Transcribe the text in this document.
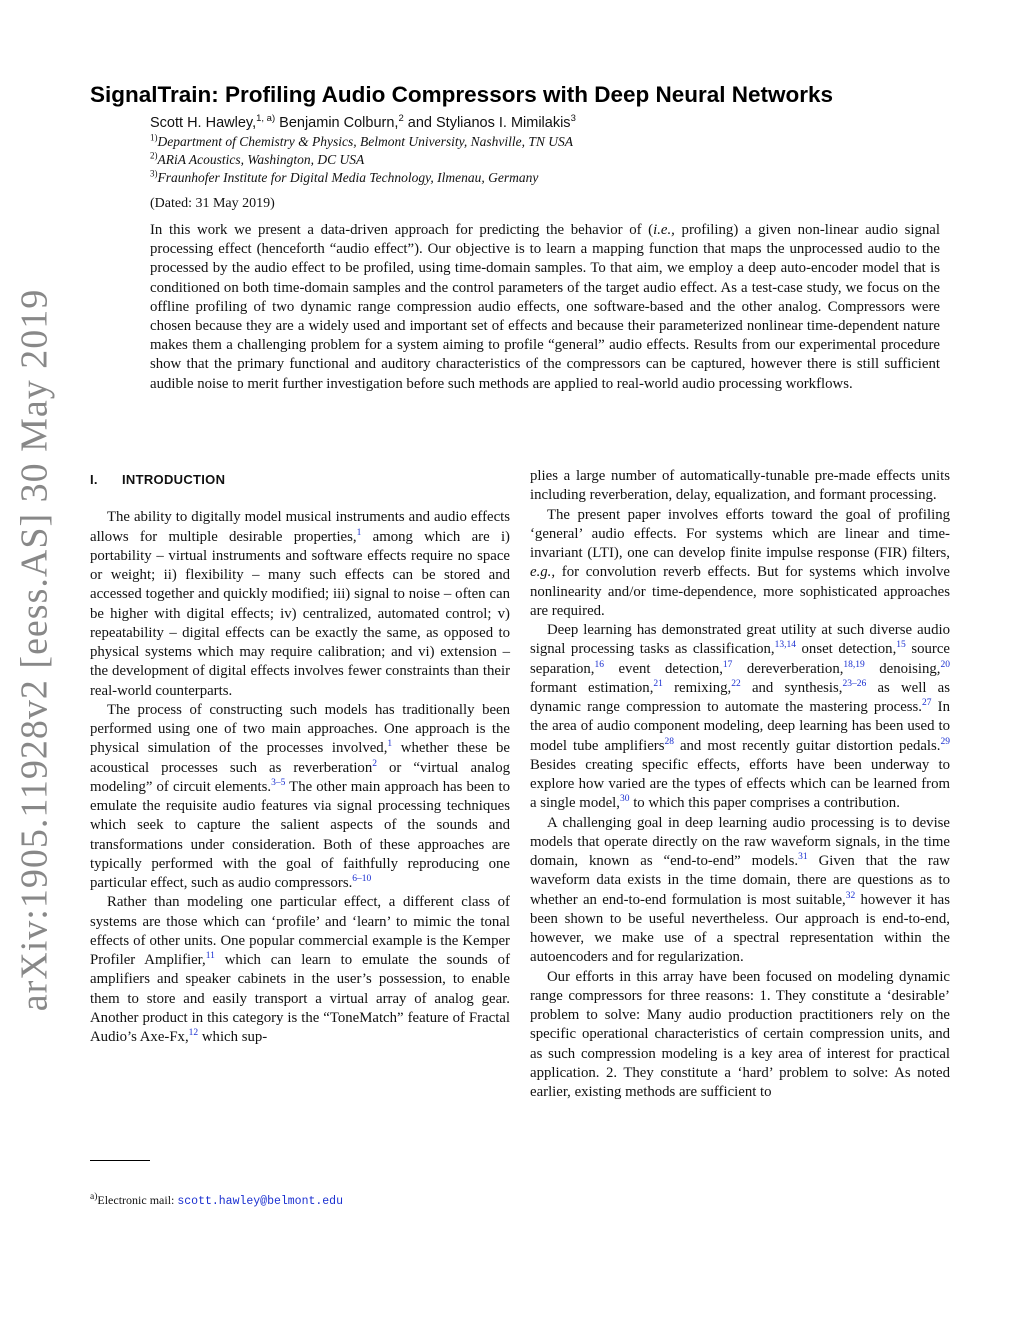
arXiv:1905.11928v2 [eess.AS] 30 May 2019
SignalTrain: Profiling Audio Compressors with Deep Neural Networks
Scott H. Hawley,$^{1, a)}$ Benjamin Colburn,$^2$ and Stylianos I. Mimilakis$^3$
$^{1)}$Department of Chemistry & Physics, Belmont University, Nashville, TN USA
$^{2)}$ARiA Acoustics, Washington, DC USA
$^{3)}$Fraunhofer Institute for Digital Media Technology, Ilmenau, Germany
(Dated: 31 May 2019)

In this work we present a data-driven approach for predicting the behavior of (i.e., profiling) a given non-linear audio signal processing effect (henceforth “audio effect”). Our objective is to learn a mapping function that maps the unprocessed audio to the processed by the audio effect to be profiled, using time-domain samples. To that aim, we employ a deep auto-encoder model that is conditioned on both time-domain samples and the control parameters of the target audio effect. As a test-case study, we focus on the offline profiling of two dynamic range compression audio effects, one software-based and the other analog. Compressors were chosen because they are a widely used and important set of effects and because their parameterized nonlinear time-dependent nature makes them a challenging problem for a system aiming to profile “general” audio effects. Results from our experimental procedure show that the primary functional and auditory characteristics of the compressors can be captured, however there is still sufficient audible noise to merit further investigation before such methods are applied to real-world audio processing workflows.

I. INTRODUCTION

The ability to digitally model musical instruments and audio effects allows for multiple desirable properties,$^1$ among which are i) portability – virtual instruments and software effects require no space or weight; ii) flexibility – many such effects can be stored and accessed together and quickly modified; iii) signal to noise – often can be higher with digital effects; iv) centralized, automated control; v) repeatability – digital effects can be exactly the same, as opposed to physical systems which may require calibration; and vi) extension – the development of digital effects involves fewer constraints than their real-world counterparts.

The process of constructing such models has traditionally been performed using one of two main approaches. One approach is the physical simulation of the processes involved,$^1$ whether these be acoustical processes such as reverberation$^2$ or “virtual analog modeling” of circuit elements.$^{3-5}$ The other main approach has been to emulate the requisite audio features via signal processing techniques which seek to capture the salient aspects of the sounds and transformations under consideration. Both of these approaches are typically performed with the goal of faithfully reproducing one particular effect, such as audio compressors.$^{6-10}$

Rather than modeling one particular effect, a different class of systems are those which can ‘profile’ and ‘learn’ to mimic the tonal effects of other units. One popular commercial example is the Kemper Profiler Amplifier,$^{11}$ which can learn to emulate the sounds of amplifiers and speaker cabinets in the user’s possession, to enable them to store and easily transport a virtual array of analog gear. Another product in this category is the “ToneMatch” feature of Fractal Audio’s Axe-Fx,$^{12}$ which sup-

$^{a)}$Electronic mail: scott.hawley@belmont.edu

plies a large number of automatically-tunable pre-made effects units including reverberation, delay, equalization, and formant processing.

The present paper involves efforts toward the goal of profiling ‘general’ audio effects. For systems which are linear and time-invariant (LTI), one can develop finite impulse response (FIR) filters, e.g., for convolution reverb effects. But for systems which involve nonlinearity and/or time-dependence, more sophisticated approaches are required.

Deep learning has demonstrated great utility at such diverse audio signal processing tasks as classification,$^{13,14}$ onset detection,$^{15}$ source separation,$^{16}$ event detection,$^{17}$ dereverberation,$^{18,19}$ denoising,$^{20}$ formant estimation,$^{21}$ remixing,$^{22}$ and synthesis,$^{23-26}$ as well as dynamic range compression to automate the mastering process.$^{27}$ In the area of audio component modeling, deep learning has been used to model tube amplifiers$^{28}$ and most recently guitar distortion pedals.$^{29}$ Besides creating specific effects, efforts have been underway to explore how varied are the types of effects which can be learned from a single model,$^{30}$ to which this paper comprises a contribution.

A challenging goal in deep learning audio processing is to devise models that operate directly on the raw waveform signals, in the time domain, known as “end-to-end” models.$^{31}$ Given that the raw waveform data exists in the time domain, there are questions as to whether an end-to-end formulation is most suitable,$^{32}$ however it has been shown to be useful nevertheless. Our approach is end-to-end, however, we make use of a spectral representation within the autoencoders and for regularization.

Our efforts in this array have been focused on modeling dynamic range compressors for three reasons: 1. They constitute a ‘desirable’ problem to solve: Many audio production practitioners rely on the specific operational characteristics of certain compression units, and as such compression modeling is a key area of interest for practical application. 2. They constitute a ‘hard’ problem to solve: As noted earlier, existing methods are sufficient to
